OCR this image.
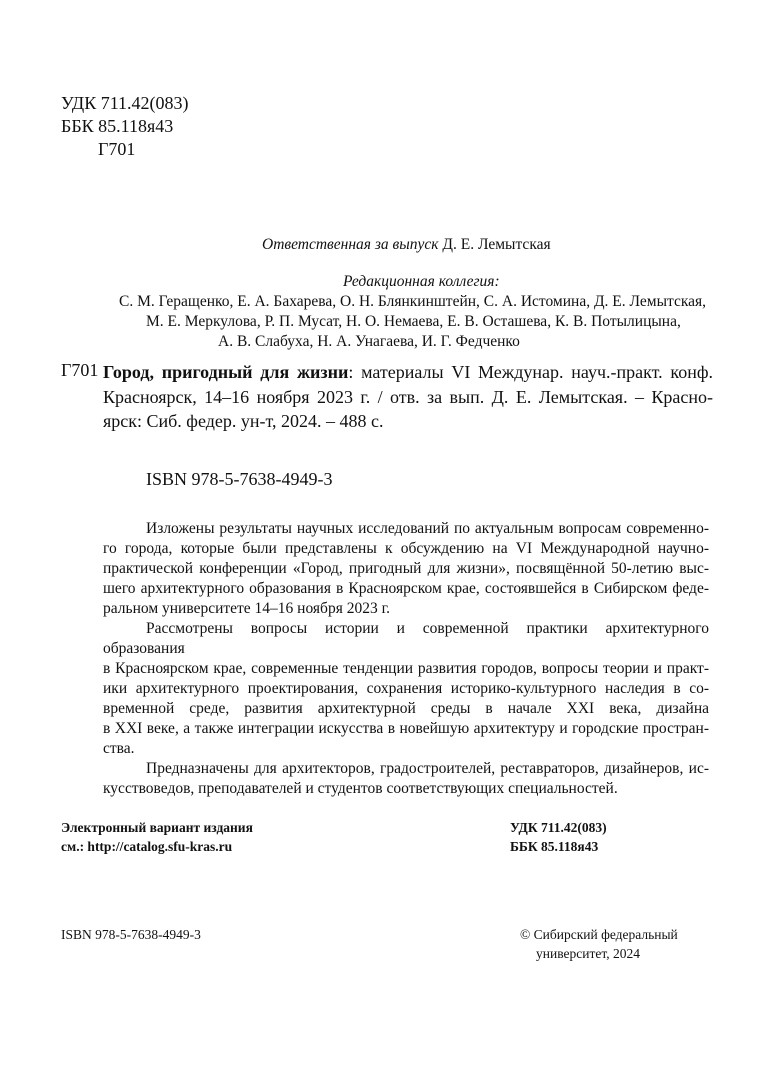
УДК 711.42(083)
ББК 85.118я43
Г701
Ответственная за выпуск Д. Е. Лемытская
Редакционная коллегия:
С. М. Геращенко, Е. А. Бахарева, О. Н. Блянкинштейн, С. А. Истомина, Д. Е. Лемытская,
М. Е. Меркулова, Р. П. Мусат, Н. О. Немаева, Е. В. Осташева, К. В. Потылицына,
А. В. Слабуха, Н. А. Унагаева, И. Г. Федченко
Г701 Город, пригодный для жизни: материалы VI Междунар. науч.-практ. конф.
Красноярск, 14–16 ноября 2023 г. / отв. за вып. Д. Е. Лемытская. – Красно-
ярск: Сиб. федер. ун-т, 2024. – 488 с.
ISBN 978-5-7638-4949-3

Изложены результаты научных исследований по актуальным вопросам современно-

го города, которые были представлены к обсуждению на VI Международной научно-
практической конференции «Город, пригодный для жизни», посвящённой 50-летию выс-
шего архитектурного образования в Красноярском крае, состоявшейся в Сибирском феде-
ральном университете 14–16 ноября 2023 г.
Рассмотрены вопросы истории и современной практики архитектурного образования
в Красноярском крае, современные тенденции развития городов, вопросы теории и практ-
ики архитектурного проектирования, сохранения историко-культурного наследия в со-
временной среде, развития архитектурной среды в начале XXI века, дизайна
в XXI веке, а также интеграции искусства в новейшую архитектуру и городские простран-
ства.
Предназначены для архитекторов, градостроителей, реставраторов, дизайнеров, ис-
кусствоведов, преподавателей и студентов соответствующих специальностей.
Электронный вариант издания
см.: http://catalog.sfu-kras.ru
УДК 711.42(083)
ББК 85.118я43
ISBN 978-5-7638-4949-3	© Сибирский федеральный
университет, 2024
